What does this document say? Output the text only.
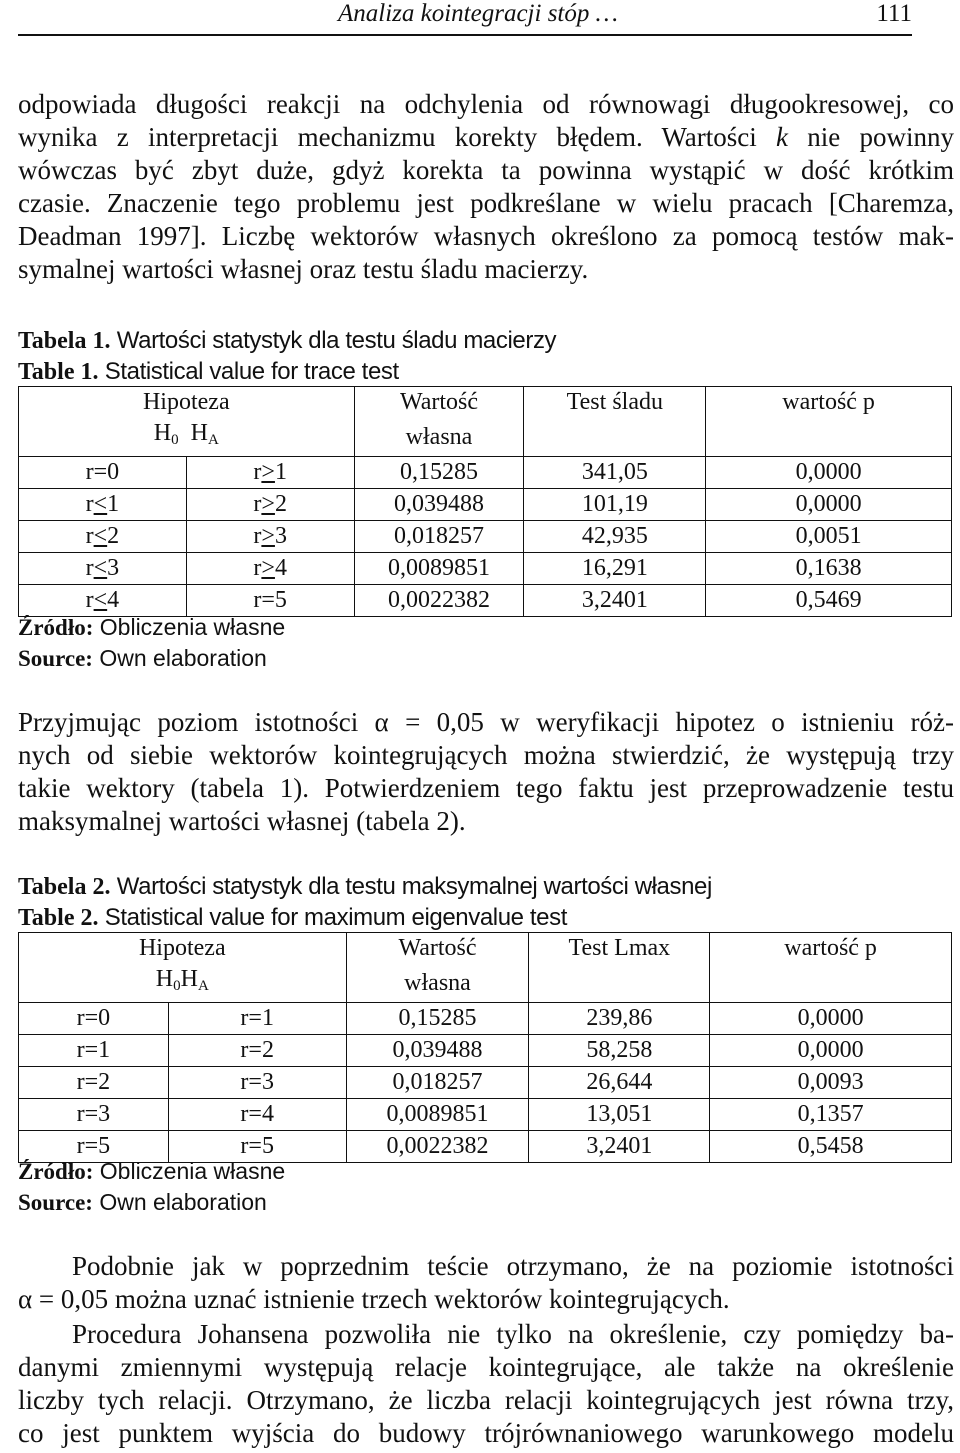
Analiza kointegracji stóp …	111
odpowiada długości reakcji na odchylenia od równowagi długookresowej, co
wynika z interpretacji mechanizmu korekty błędem. Wartości k nie powinny
wówczas być zbyt duże, gdyż korekta ta powinna wystąpić w dość krótkim
czasie. Znaczenie tego problemu jest podkreślane w wielu pracach [Charemza,
Deadman 1997]. Liczbę wektorów własnych określono za pomocą testów mak-
symalnej wartości własnej oraz testu śladu macierzy.
Tabela 1. Wartości statystyk dla testu śladu macierzy
Table 1. Statistical value for trace test
Hipoteza		Wartość	Test śladu	wartość p
$H_0$ $H_A$		własna		
r=0	r>1	0,15285	341,05	0,0000
r<1	r>2	0,039488	101,19	0,0000
r<2	r>3	0,018257	42,935	0,0051
r<3	r>4	0,0089851	16,291	0,1638
r<4	r=5	0,0022382	3,2401	0,5469
Źródło: Obliczenia własne
Source: Own elaboration
Przyjmując poziom istotności α = 0,05 w weryfikacji hipotez o istnieniu róż-
nych od siebie wektorów kointegrujących można stwierdzić, że występują trzy
takie wektory (tabela 1). Potwierdzeniem tego faktu jest przeprowadzenie testu
maksymalnej wartości własnej (tabela 2).
Tabela 2. Wartości statystyk dla testu maksymalnej wartości własnej
Table 2. Statistical value for maximum eigenvalue test
Hipoteza		Wartość	Test Lmax	wartość p
$H_0H_A$		własna		
r=0	r=1	0,15285	239,86	0,0000
r=1	r=2	0,039488	58,258	0,0000
r=2	r=3	0,018257	26,644	0,0093
r=3	r=4	0,0089851	13,051	0,1357
r=5	r=5	0,0022382	3,2401	0,5458
Źródło: Obliczenia własne
Source: Own elaboration
Podobnie jak w poprzednim teście otrzymano, że na poziomie istotności
α = 0,05 można uznać istnienie trzech wektorów kointegrujących.
Procedura Johansena pozwoliła nie tylko na określenie, czy pomiędzy ba-
danymi zmiennymi występują relacje kointegrujące, ale także na określenie
liczby tych relacji. Otrzymano, że liczba relacji kointegrujących jest równa trzy,
co jest punktem wyjścia do budowy trójrównaniowego warunkowego modelu
